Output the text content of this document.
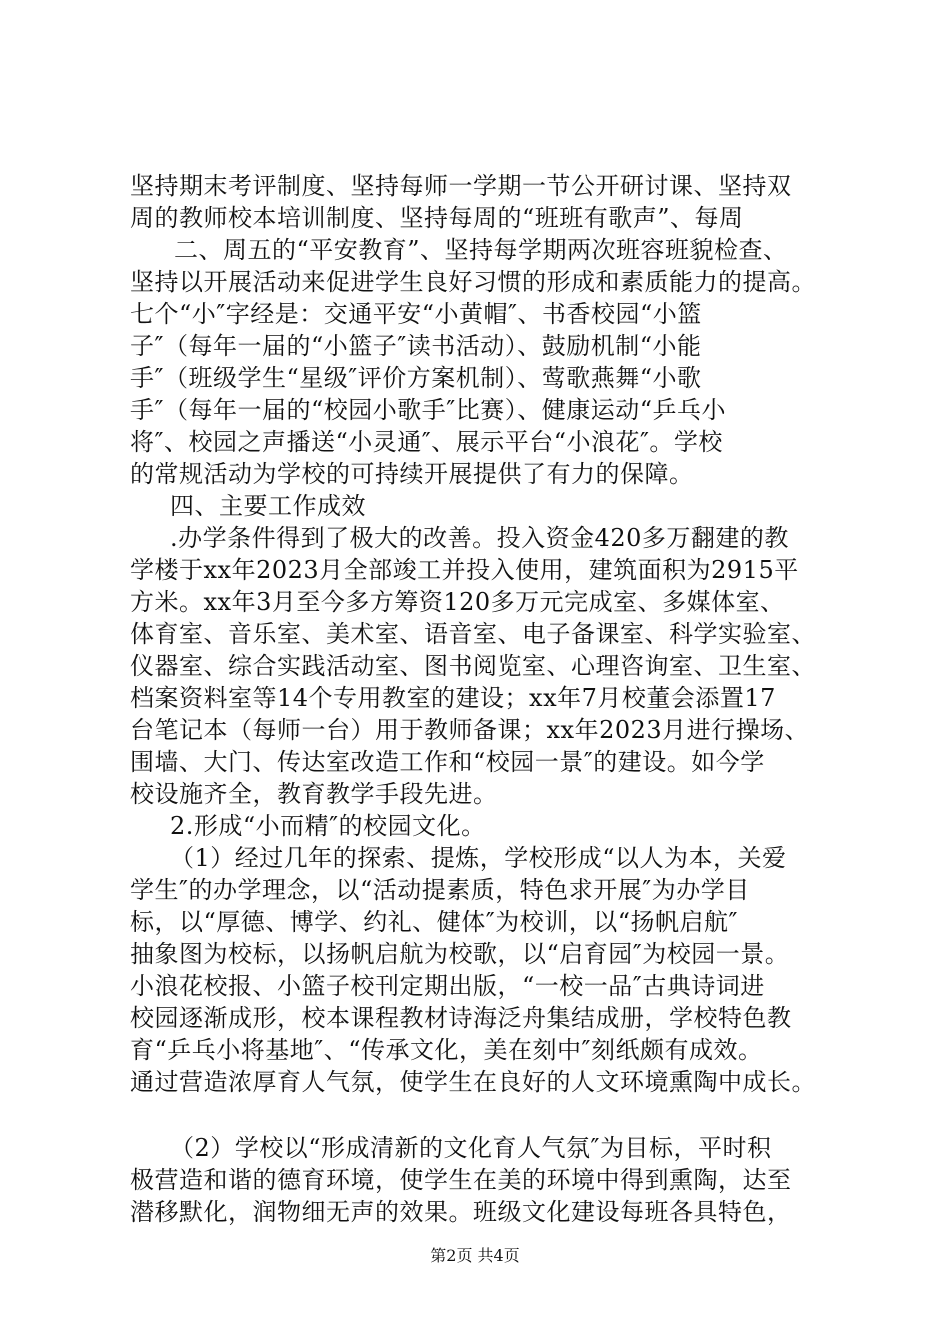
坚持期末考评制度、坚持每师一学期一节公开研讨课、坚持双
周的教师校本培训制度、坚持每周的“班班有歌声”、每周
二、周五的“平安教育”、坚持每学期两次班容班貌检查、
坚持以开展活动来促进学生良好习惯的形成和素质能力的提高。
七个“小″字经是：交通平安“小黄帽″、书香校园“小篮
子″（每年一届的“小篮子″读书活动）、鼓励机制“小能
手″（班级学生“星级″评价方案机制）、莺歌燕舞“小歌
手″（每年一届的“校园小歌手″比赛）、健康运动“乒乓小
将″、校园之声播送“小灵通″、展示平台“小浪花″。学校
的常规活动为学校的可持续开展提供了有力的保障。
四、主要工作成效
.办学条件得到了极大的改善。投入资金420多万翻建的教
学楼于xx年2023月全部竣工并投入使用，建筑面积为2915平
方米。xx年3月至今多方筹资120多万元完成室、多媒体室、
体育室、音乐室、美术室、语音室、电子备课室、科学实验室、
仪器室、综合实践活动室、图书阅览室、心理咨询室、卫生室、
档案资料室等14个专用教室的建设；xx年7月校董会添置17
台笔记本（每师一台）用于教师备课；xx年2023月进行操场、
围墙、大门、传达室改造工作和“校园一景″的建设。如今学
校设施齐全，教育教学手段先进。
2.形成“小而精″的校园文化。
（1）经过几年的探索、提炼，学校形成“以人为本，关爱
学生″的办学理念，以“活动提素质，特色求开展″为办学目
标，以“厚德、博学、约礼、健体″为校训，以“扬帆启航″
抽象图为校标，以扬帆启航为校歌，以“启育园″为校园一景。
小浪花校报、小篮子校刊定期出版，“一校一品″古典诗词进
校园逐渐成形，校本课程教材诗海泛舟集结成册，学校特色教
育“乒乓小将基地″、“传承文化，美在刻中″刻纸颇有成效。
通过营造浓厚育人气氛，使学生在良好的人文环境熏陶中成长。
（2）学校以“形成清新的文化育人气氛″为目标，平时积
极营造和谐的德育环境，使学生在美的环境中得到熏陶，达至
潜移默化，润物细无声的效果。班级文化建设每班各具特色，
第2页 共4页
